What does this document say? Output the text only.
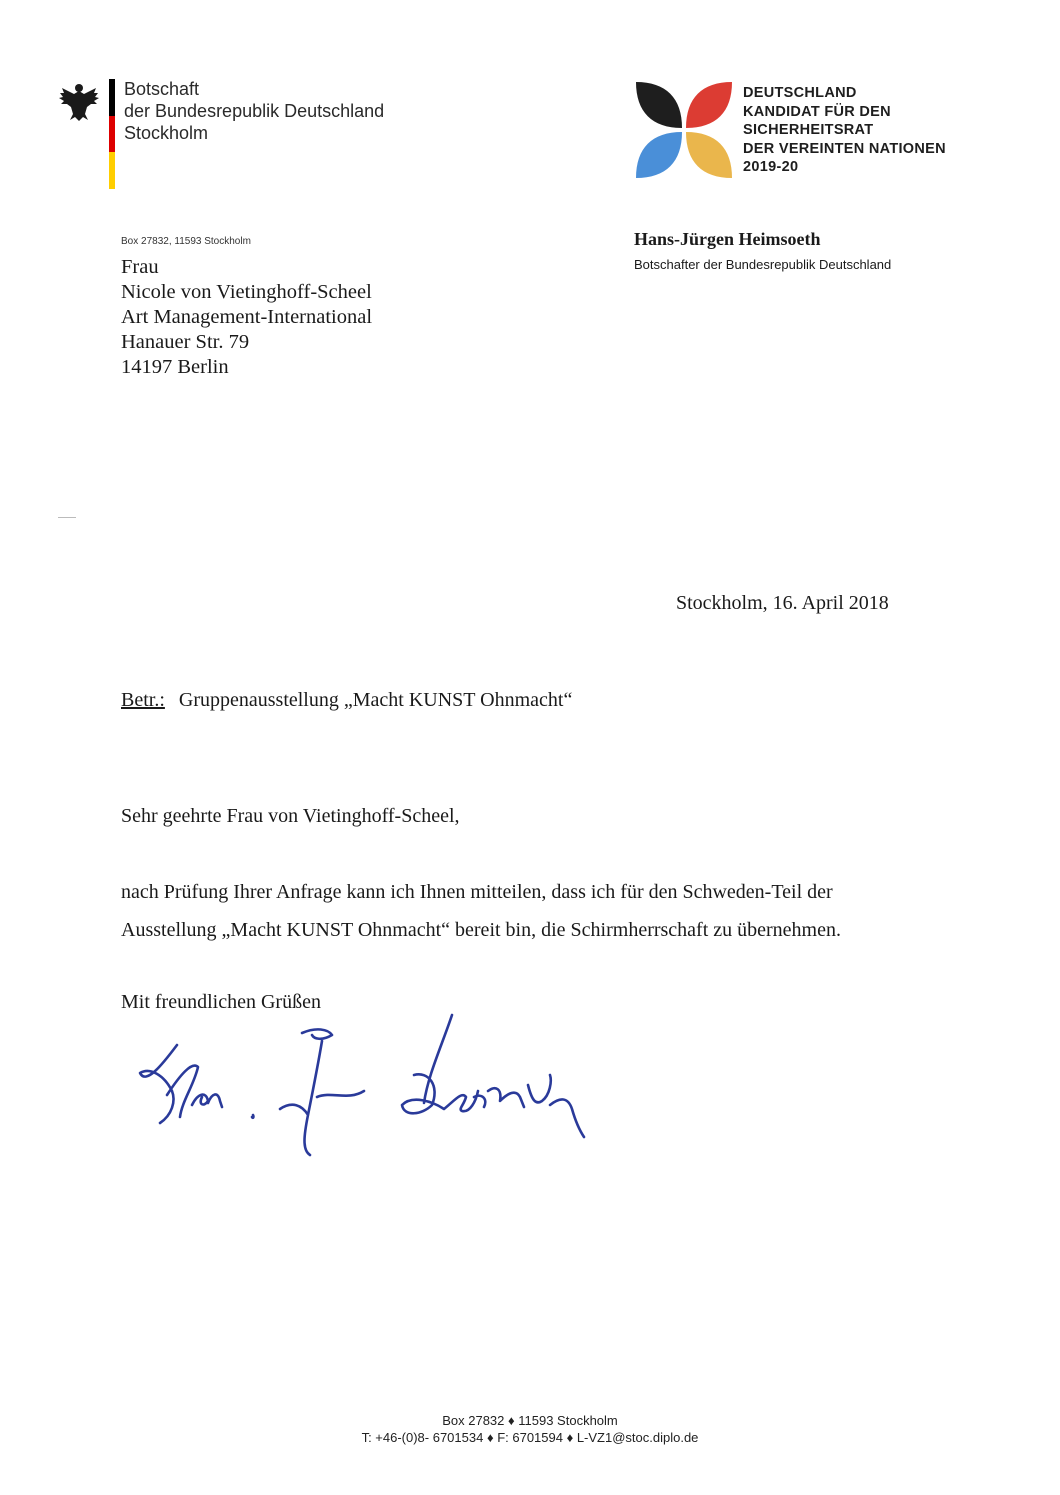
Botschaft
der Bundesrepublik Deutschland
Stockholm
DEUTSCHLAND
KANDIDAT FÜR DEN
SICHERHEITSRAT
DER VEREINTEN NATIONEN
2019-20
Hans-Jürgen Heimsoeth
Botschafter der Bundesrepublik Deutschland
Box 27832, 11593 Stockholm
Frau
Nicole von Vietinghoff-Scheel
Art Management-International
Hanauer Str. 79
14197 Berlin
Stockholm, 16. April 2018
Betr.: Gruppenausstellung „Macht KUNST Ohnmacht“
Sehr geehrte Frau von Vietinghoff-Scheel,
nach Prüfung Ihrer Anfrage kann ich Ihnen mitteilen, dass ich für den Schweden-Teil der
Ausstellung „Macht KUNST Ohnmacht“ bereit bin, die Schirmherrschaft zu übernehmen.
Mit freundlichen Grüßen
Box 27832 ♦ 11593 Stockholm
T: +46-(0)8- 6701534 ♦ F: 6701594 ♦ L-VZ1@stoc.diplo.de
